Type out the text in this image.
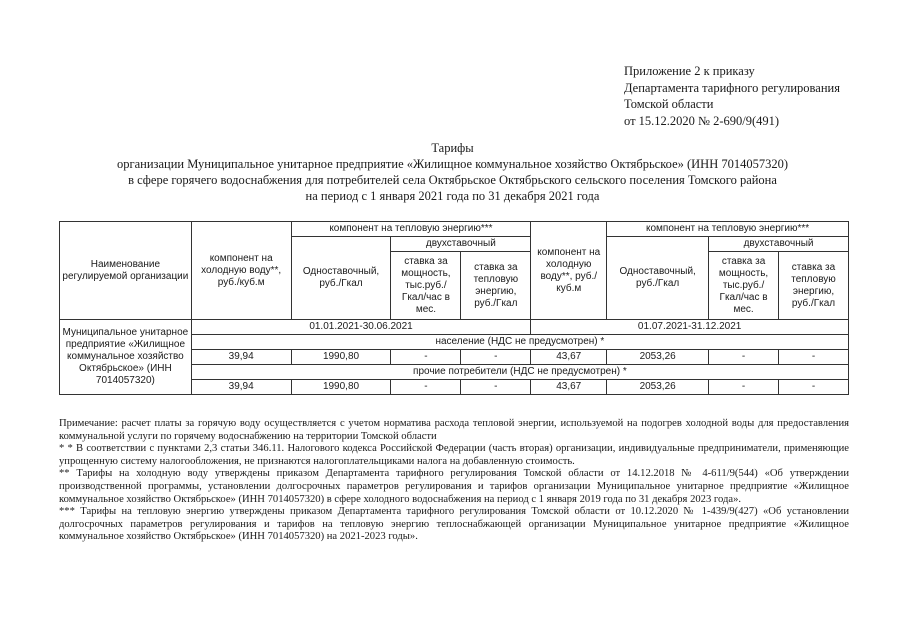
Приложение 2 к приказу
Департамента тарифного регулирования
Томской области
от 15.12.2020 № 2-690/9(491)
Тарифы
организации Муниципальное унитарное предприятие «Жилищное коммунальное хозяйство Октябрьское» (ИНН 7014057320)
в сфере горячего водоснабжения для потребителей села Октябрьское Октябрьского сельского поселения Томского района
на период с 1 января 2021 года по 31 декабря 2021 года
Наименование регулируемой организации	компонент на холодную воду**, руб./куб.м	компонент на тепловую энергию***			компонент на холодную воду**, руб./куб.м	компонент на тепловую энергию***		
		Одноставочный, руб./Гкал	двухставочный			Одноставочный, руб./Гкал	двухставочный	
			ставка за мощность, тыс.руб./ Гкал/час в мес.	ставка за тепловую энергию, руб./Гкал			ставка за мощность, тыс.руб./ Гкал/час в мес.	ставка за тепловую энергию, руб./Гкал
Муниципальное унитарное предприятие «Жилищное коммунальное хозяйство Октябрьское» (ИНН 7014057320)	01.01.2021-30.06.2021				01.07.2021-31.12.2021			
	население (НДС не предусмотрен) *							
	39,94	1990,80	-	-	43,67	2053,26	-	-
	прочие потребители (НДС не предусмотрен) *							
	39,94	1990,80	-	-	43,67	2053,26	-	-

Примечание: расчет платы за горячую воду осуществляется с учетом норматива расхода тепловой энергии, используемой на подогрев холодной воды для предоставления коммунальной услуги по горячему водоснабжению на территории Томской области

* * В соответствии с пунктами 2,3 статьи 346.11. Налогового кодекса Российской Федерации (часть вторая) организации, индивидуальные предприниматели, применяющие упрощенную систему налогообложения, не признаются налогоплательщиками налога на добавленную стоимость.

** Тарифы на холодную воду утверждены приказом Департамента тарифного регулирования Томской области от 14.12.2018 № 4-611/9(544) «Об утверждении производственной программы, установлении долгосрочных параметров регулирования и тарифов организации Муниципальное унитарное предприятие «Жилищное коммунальное хозяйство Октябрьское» (ИНН 7014057320) в сфере холодного водоснабжения на период с 1 января 2019 года по 31 декабря 2023 года».

*** Тарифы на тепловую энергию утверждены приказом Департамента тарифного регулирования Томской области от 10.12.2020 № 1-439/9(427) «Об установлении долгосрочных параметров регулирования и тарифов на тепловую энергию теплоснабжающей организации Муниципальное унитарное предприятие «Жилищное коммунальное хозяйство Октябрьское» (ИНН 7014057320) на 2021-2023 годы».
